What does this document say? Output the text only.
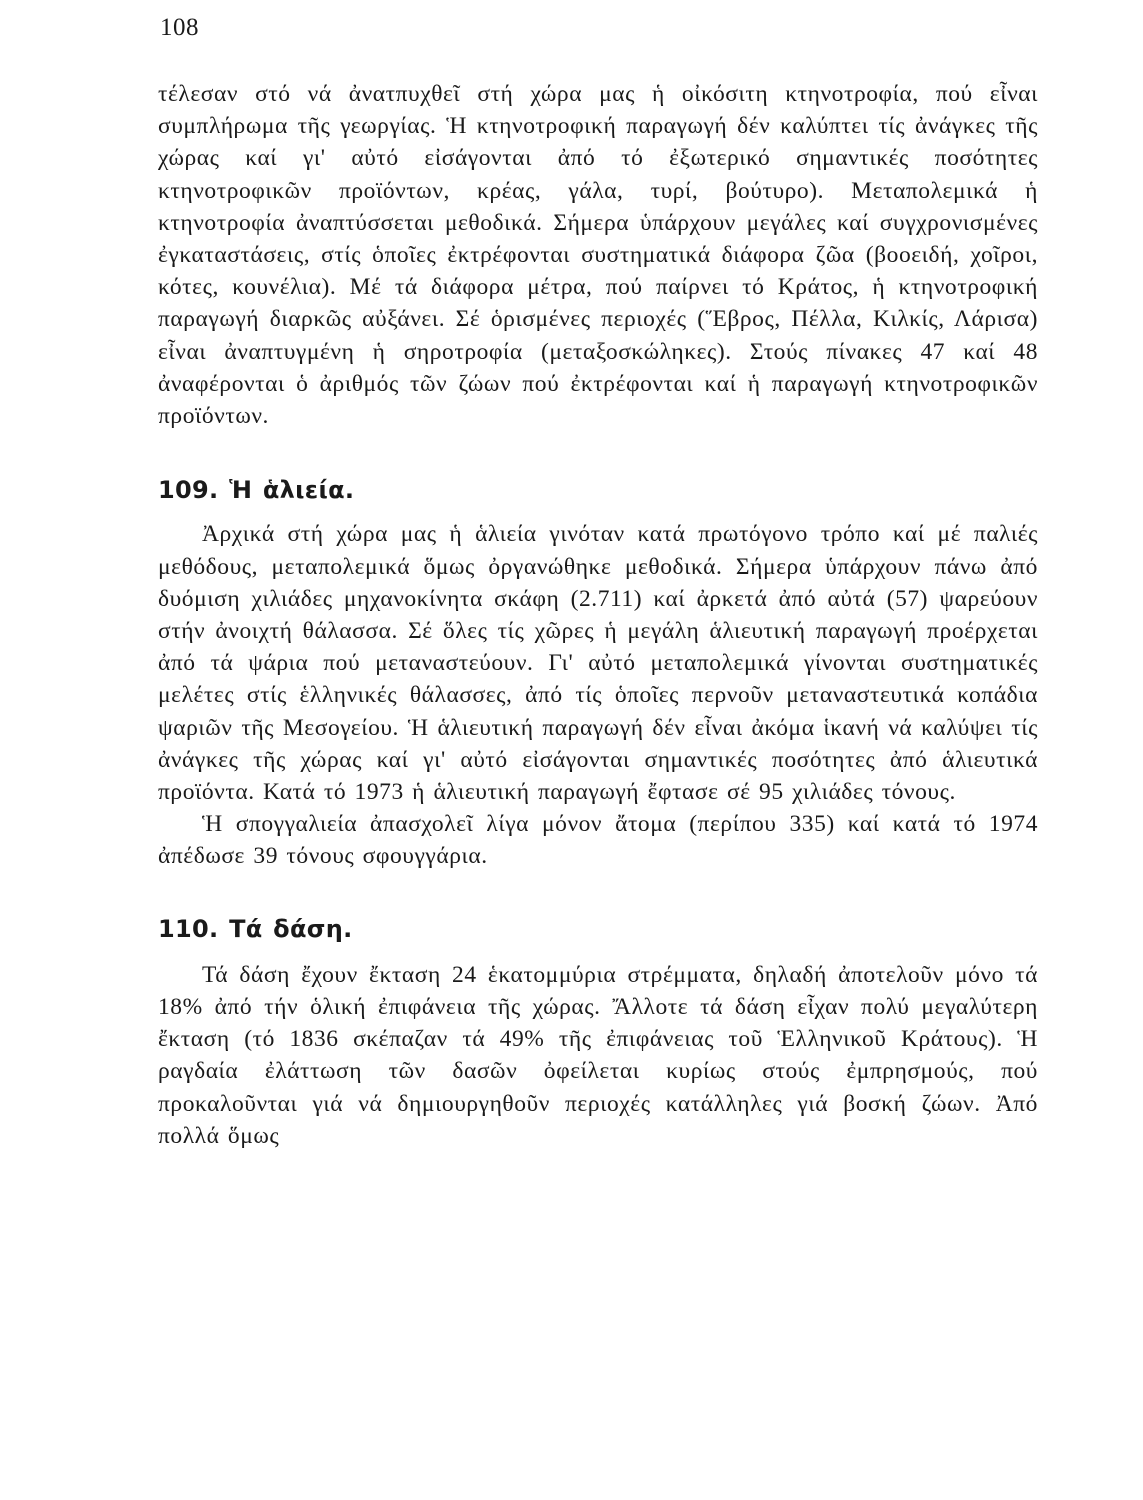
108

τέλεσαν στό νά ἀνατπυχθεῖ στή χώρα μας ἡ οἰκόσιτη κτηνοτροφία, πού εἶναι συμπλήρωμα τῆς γεωργίας. Ἡ κτηνοτροφική παραγωγή δέν καλύπτει τίς ἀνάγκες τῆς χώρας καί γι' αὐτό εἰσάγονται ἀπό τό ἐξωτερικό σημαντικές ποσότητες κτηνοτροφικῶν προϊόντων, κρέας, γάλα, τυρί, βούτυρο). Μεταπολεμικά ἡ κτηνοτροφία ἀναπτύσσεται μεθοδικά. Σήμερα ὑπάρχουν μεγάλες καί συγχρονισμένες ἐγκαταστάσεις, στίς ὁποῖες ἐκτρέφονται συστηματικά διάφορα ζῶα (βοοειδή, χοῖροι, κότες, κουνέλια). Μέ τά διάφορα μέτρα, πού παίρνει τό Κράτος, ἡ κτηνοτροφική παραγωγή διαρκῶς αὐξάνει. Σέ ὁρισμένες περιοχές (Ἕβρος, Πέλλα, Κιλκίς, Λάρισα) εἶναι ἀναπτυγμένη ἡ σηροτροφία (μεταξοσκώληκες). Στούς πίνακες 47 καί 48 ἀναφέρονται ὁ ἀριθμός τῶν ζώων πού ἐκτρέφονται καί ἡ παραγωγή κτηνοτροφικῶν προϊόντων.

109. Ἡ ἁλιεία.

Ἀρχικά στή χώρα μας ἡ ἁλιεία γινόταν κατά πρωτόγονο τρόπο καί μέ παλιές μεθόδους, μεταπολεμικά ὅμως ὀργανώθηκε μεθοδικά. Σήμερα ὑπάρχουν πάνω ἀπό δυόμιση χιλιάδες μηχανοκίνητα σκάφη (2.711) καί ἀρκετά ἀπό αὐτά (57) ψαρεύουν στήν ἀνοιχτή θάλασσα. Σέ ὅλες τίς χῶρες ἡ μεγάλη ἁλιευτική παραγωγή προέρχεται ἀπό τά ψάρια πού μεταναστεύουν. Γι' αὐτό μεταπολεμικά γίνονται συστηματικές μελέτες στίς ἑλληνικές θάλασσες, ἀπό τίς ὁποῖες περνοῦν μεταναστευτικά κοπάδια ψαριῶν τῆς Μεσογείου. Ἡ ἁλιευτική παραγωγή δέν εἶναι ἀκόμα ἱκανή νά καλύψει τίς ἀνάγκες τῆς χώρας καί γι' αὐτό εἰσάγονται σημαντικές ποσότητες ἀπό ἁλιευτικά προϊόντα. Κατά τό 1973 ἡ ἁλιευτική παραγωγή ἔφτασε σέ 95 χιλιάδες τόνους.

Ἡ σπογγαλιεία ἀπασχολεῖ λίγα μόνον ἄτομα (περίπου 335) καί κατά τό 1974 ἀπέδωσε 39 τόνους σφουγγάρια.

110. Τά δάση.

Τά δάση ἔχουν ἔκταση 24 ἑκατομμύρια στρέμματα, δηλαδή ἀποτελοῦν μόνο τά 18% ἀπό τήν ὁλική ἐπιφάνεια τῆς χώρας. Ἄλλοτε τά δάση εἶχαν πολύ μεγαλύτερη ἔκταση (τό 1836 σκέπαζαν τά 49% τῆς ἐπιφάνειας τοῦ Ἑλληνικοῦ Κράτους). Ἡ ραγδαία ἐλάττωση τῶν δασῶν ὀφείλεται κυρίως στούς ἐμπρησμούς, πού προκαλοῦνται γιά νά δημιουργηθοῦν περιοχές κατάλληλες γιά βοσκή ζώων. Ἀπό πολλά ὅμως
